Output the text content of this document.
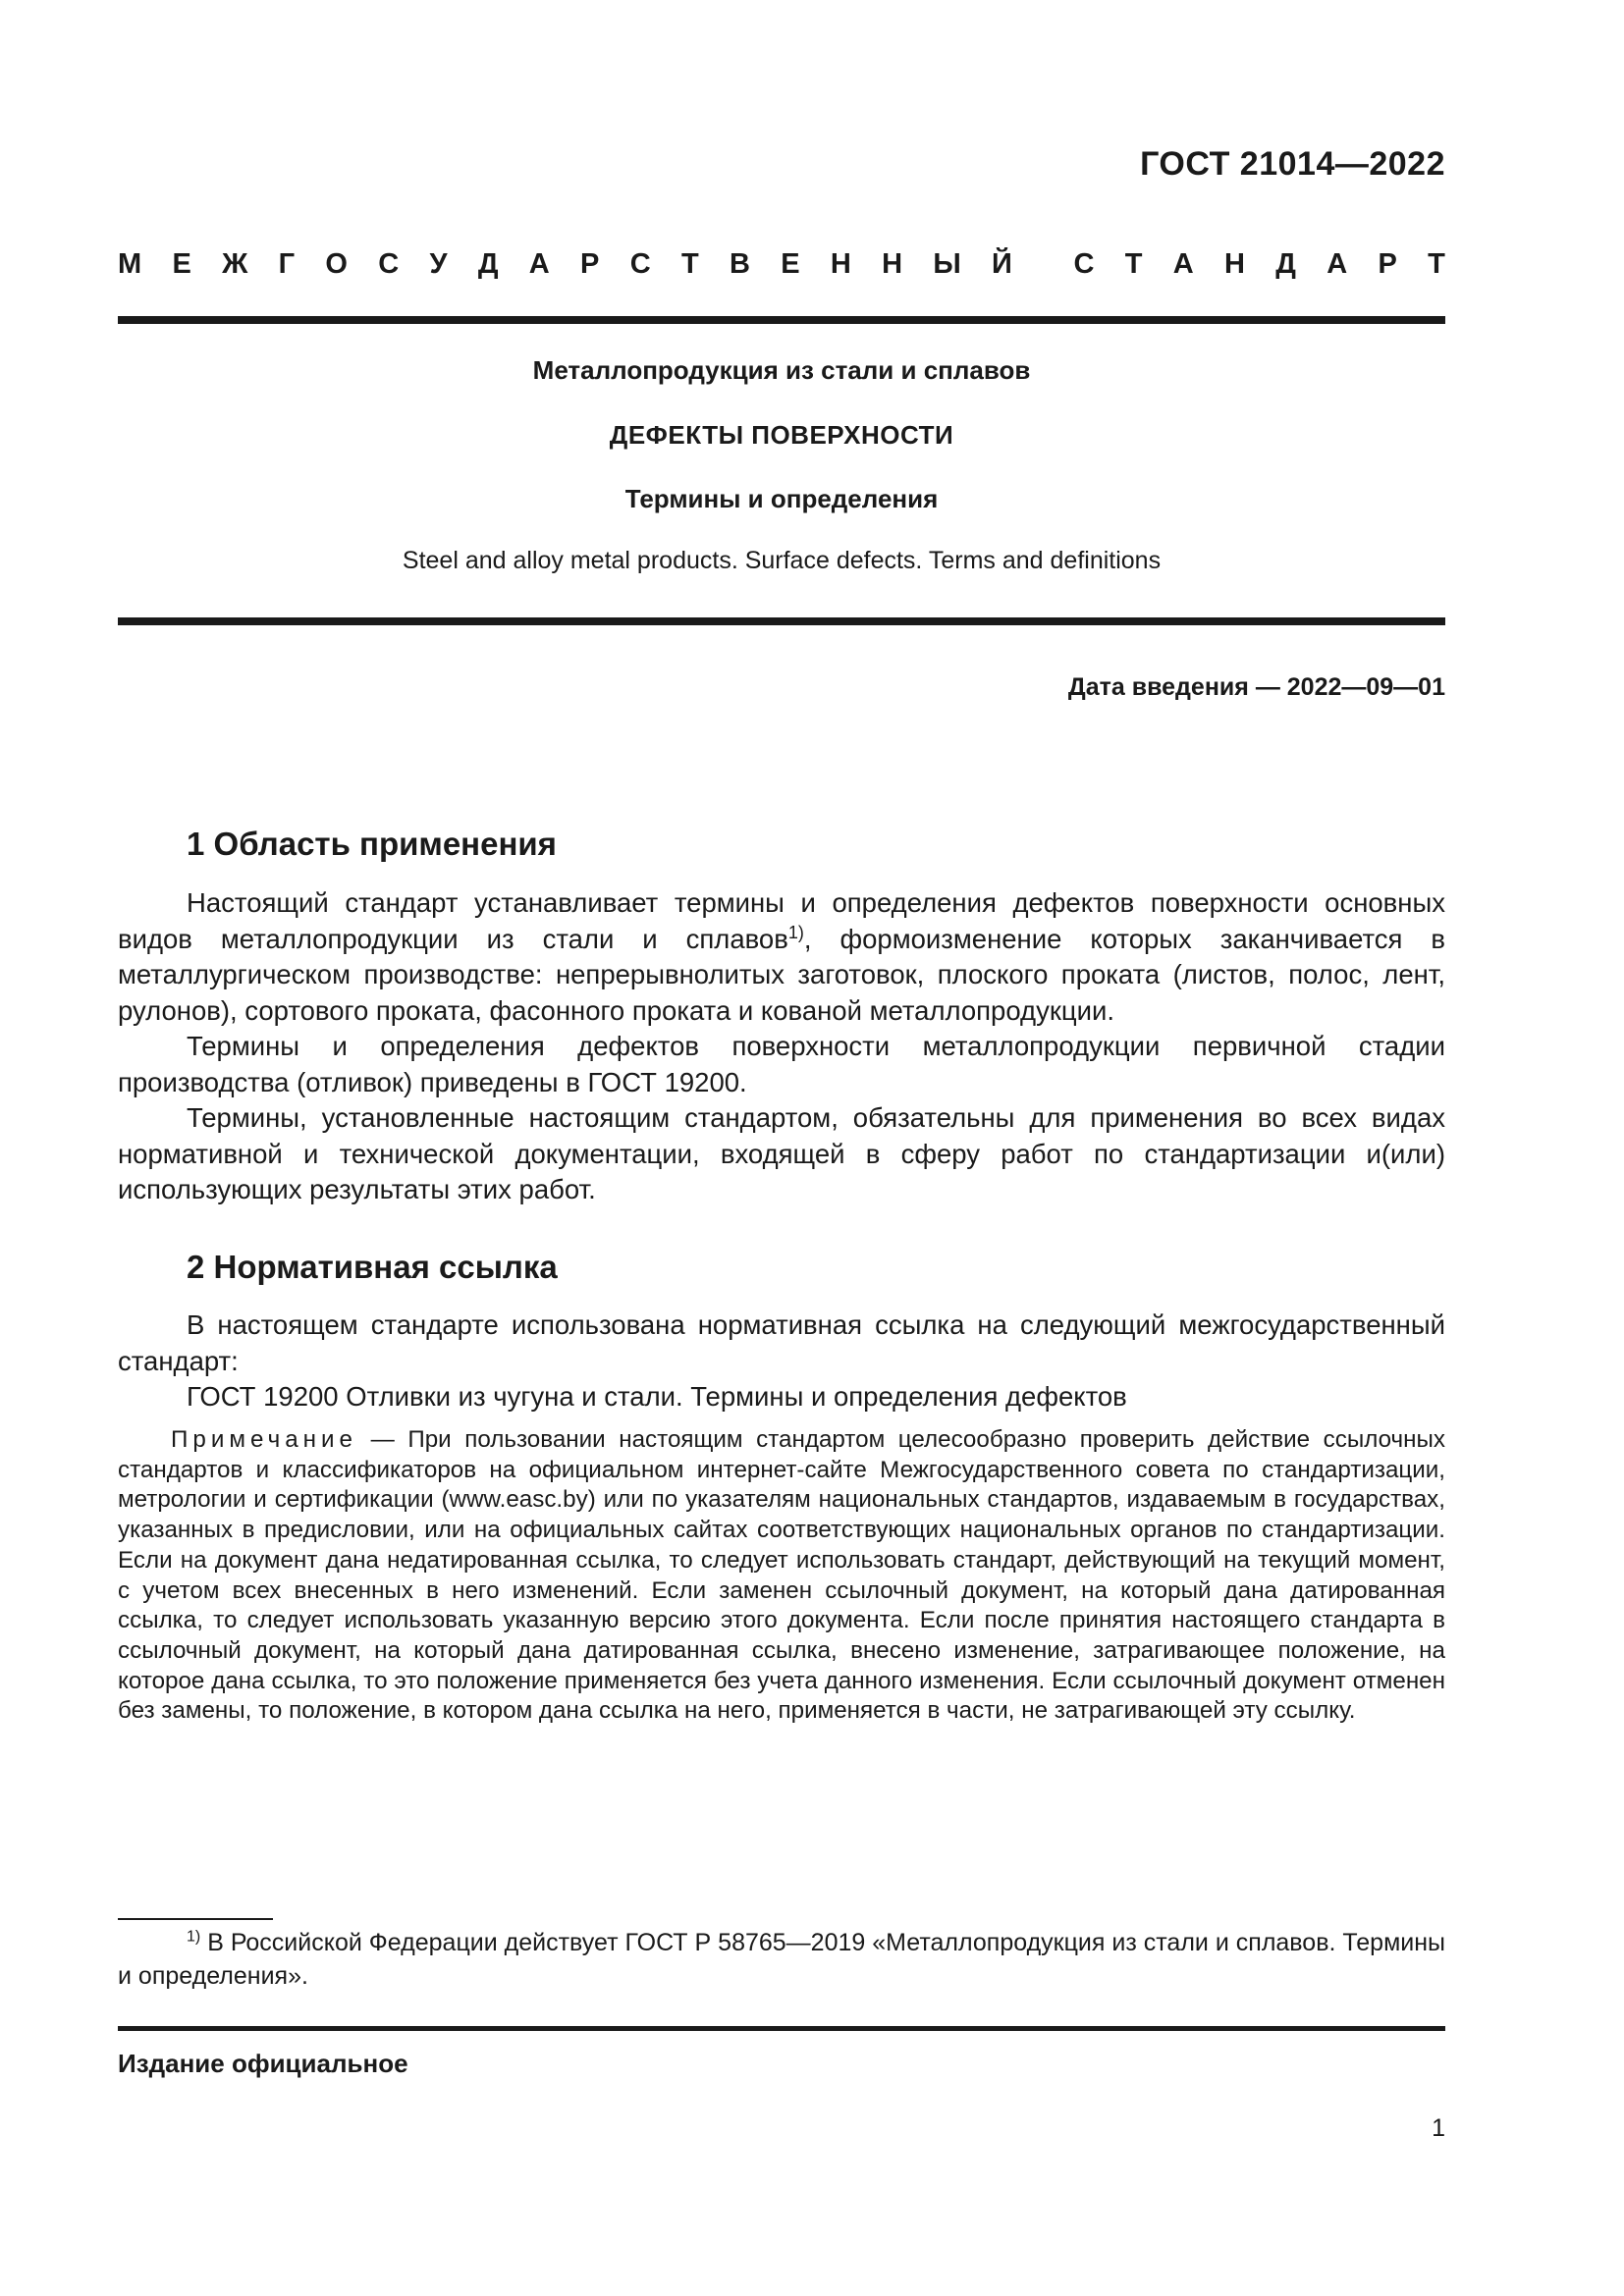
ГОСТ 21014—2022
М Е Ж Г О С У Д А Р С Т В Е Н Н Ы Й С Т А Н Д А Р Т
Металлопродукция из стали и сплавов
ДЕФЕКТЫ ПОВЕРХНОСТИ
Термины и определения
Steel and alloy metal products. Surface defects. Terms and definitions
Дата введения — 2022—09—01
1 Область применения

Настоящий стандарт устанавливает термины и определения дефектов поверхности основных видов металлопродукции из стали и сплавов$^{1)}$, формоизменение которых заканчивается в металлургическом производстве: непрерывнолитых заготовок, плоского проката (листов, полос, лент, рулонов), сортового проката, фасонного проката и кованой металлопродукции.

Термины и определения дефектов поверхности металлопродукции первичной стадии производства (отливок) приведены в ГОСТ 19200.

Термины, установленные настоящим стандартом, обязательны для применения во всех видах нормативной и технической документации, входящей в сферу работ по стандартизации и(или) использующих результаты этих работ.

2 Нормативная ссылка

В настоящем стандарте использована нормативная ссылка на следующий межгосударственный стандарт:

ГОСТ 19200 Отливки из чугуна и стали. Термины и определения дефектов

Примечание — При пользовании настоящим стандартом целесообразно проверить действие ссылочных стандартов и классификаторов на официальном интернет-сайте Межгосударственного совета по стандартизации, метрологии и сертификации (www.easc.by) или по указателям национальных стандартов, издаваемым в государствах, указанных в предисловии, или на официальных сайтах соответствующих национальных органов по стандартизации. Если на документ дана недатированная ссылка, то следует использовать стандарт, действующий на текущий момент, с учетом всех внесенных в него изменений. Если заменен ссылочный документ, на который дана датированная ссылка, то следует использовать указанную версию этого документа. Если после принятия настоящего стандарта в ссылочный документ, на который дана датированная ссылка, внесено изменение, затрагивающее положение, на которое дана ссылка, то это положение применяется без учета данного изменения. Если ссылочный документ отменен без замены, то положение, в котором дана ссылка на него, применяется в части, не затрагивающей эту ссылку.
$^{1)}$ В Российской Федерации действует ГОСТ Р 58765—2019 «Металлопродукция из стали и сплавов. Термины и определения».
Издание официальное
1
